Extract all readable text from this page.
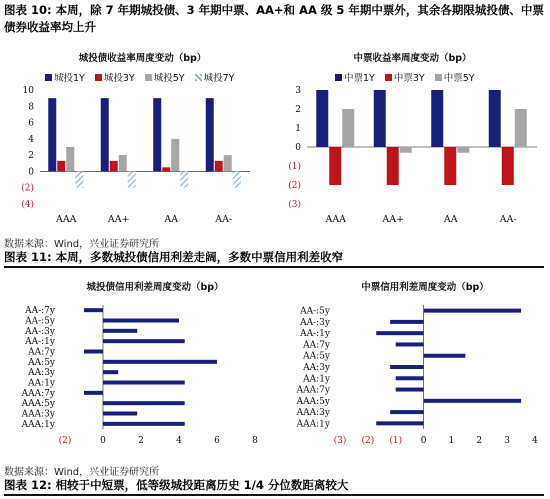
图表 10: 本周，除 7 年期城投债、3 年期中票、AA+和 AA 级 5 年期中票外，其余各期限城投债、中票债券收益率均上升
城投债收益率周度变动（bp）
城投1Y 城投3Y 城投5Y 城投7Y
(4)
(2)
0
2
4
6
8
10
AAA	AA+	AA	AA-
中票收益率周度变动（bp）
中票1Y 中票3Y 中票5Y
(3)
(2)
(1)
0
1
2
3
AAA	AA+	AA	AA-
数据来源：Wind，兴业证券研究所
图表 11: 本周，多数城投债信用利差走阔，多数中票信用利差收窄
城投债信用利差周度变动（bp）
AA-:7y
AA-:5y
AA-:3y
AA-:1y
AA:7y
AA:5y
AA:3y
AA:1y
AAA:7y
AAA:5y
AAA:3y
AAA:1y
(2)	0	2	4	6	8
中票信用利差周度变动（bp）
AA-:5y
AA-:3y
AA-:1y
AA:7y
AA:5y
AA:3y
AA:1y
AAA:7y
AAA:5y
AAA:3y
AAA:1y
(3) (2) (1) 0 1 2 3 4
数据来源：Wind，兴业证券研究所
图表 12: 相较于中短票，低等级城投距离历史 1/4 分位数距离较大
